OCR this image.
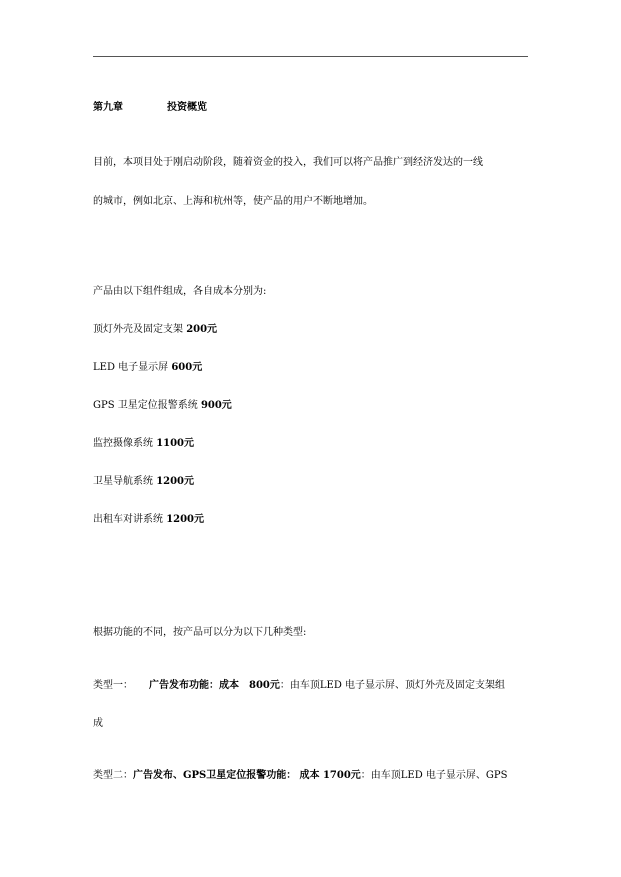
第九章	投资概览
目前，本项目处于刚启动阶段，随着资金的投入，我们可以将产品推广到经济发达的一线
的城市，例如北京、上海和杭州等，使产品的用户不断地增加。
产品由以下组件组成，各自成本分别为:
顶灯外壳及固定支架 200元
LED 电子显示屏 600元
GPS 卫星定位报警系统 900元
监控摄像系统 1100元
卫星导航系统 1200元
出租车对讲系统 1200元
根据功能的不同，按产品可以分为以下几种类型:
类型一： 广告发布功能：成本　800元：由车顶LED 电子显示屏、顶灯外壳及固定支架组
成
类型二：广告发布、GPS卫星定位报警功能： 成本 1700元：由车顶LED 电子显示屏、GPS
